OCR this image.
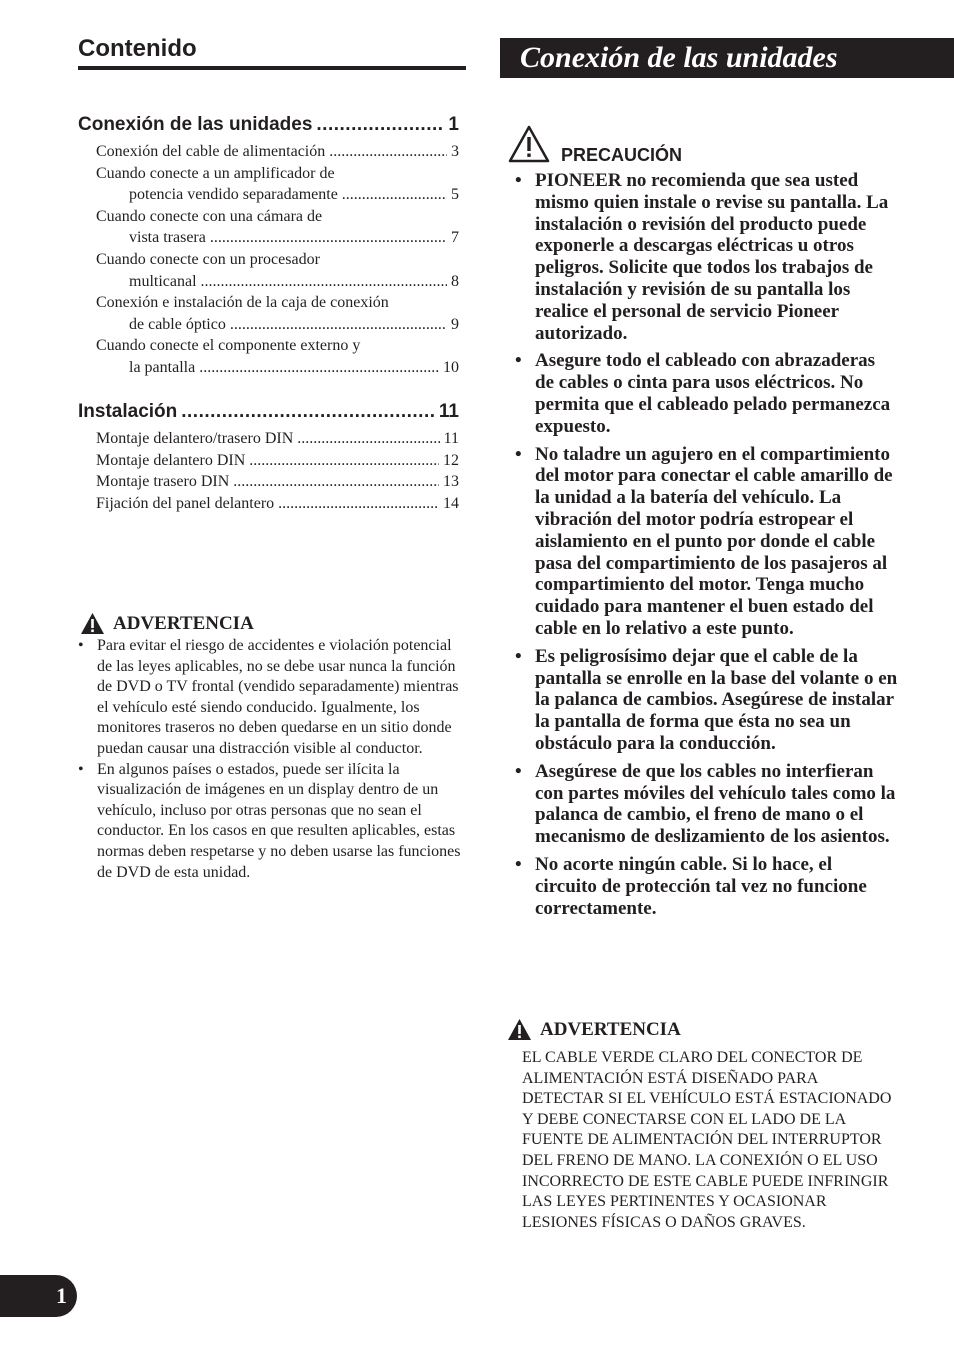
Contenido
Conexión de las unidades .....	1
Conexión del cable de alimentación .....	3
Cuando conecte a un amplificador de
potencia vendido separadamente .....	5
Cuando conecte con una cámara de
vista trasera .....	7
Cuando conecte con un procesador
multicanal .....	8
Conexión e instalación de la caja de conexión
de cable óptico .....	9
Cuando conecte el componente externo y
la pantalla .....	10
Instalación .....	11
Montaje delantero/trasero DIN .....	11
Montaje delantero DIN .....	12
Montaje trasero DIN .....	13
Fijación del panel delantero .....	14
ADVERTENCIA
• Para evitar el riesgo de accidentes e violación potencial de las leyes aplicables, no se debe usar nunca la función de DVD o TV frontal (vendido separadamente) mientras el vehículo esté siendo conducido. Igualmente, los monitores traseros no deben quedarse en un sitio donde puedan causar una distracción visible al conductor.
• En algunos países o estados, puede ser ilícita la visualización de imágenes en un display dentro de un vehículo, incluso por otras personas que no sean el conductor. En los casos en que resulten aplicables, estas normas deben respetarse y no deben usarse las funciones de DVD de esta unidad.
Conexión de las unidades
PRECAUCIÓN
• PIONEER no recomienda que sea usted mismo quien instale o revise su pantalla. La instalación o revisión del producto puede exponerle a descargas eléctricas u otros peligros. Solicite que todos los trabajos de instalación y revisión de su pantalla los realice el personal de servicio Pioneer autorizado.
• Asegure todo el cableado con abrazaderas de cables o cinta para usos eléctricos. No permita que el cableado pelado permanezca expuesto.
• No taladre un agujero en el compartimiento del motor para conectar el cable amarillo de la unidad a la batería del vehículo. La vibración del motor podría estropear el aislamiento en el punto por donde el cable pasa del compartimiento de los pasajeros al compartimiento del motor. Tenga mucho cuidado para mantener el buen estado del cable en lo relativo a este punto.
• Es peligrosísimo dejar que el cable de la pantalla se enrolle en la base del volante o en la palanca de cambios. Asegúrese de instalar la pantalla de forma que ésta no sea un obstáculo para la conducción.
• Asegúrese de que los cables no interfieran con partes móviles del vehículo tales como la palanca de cambio, el freno de mano o el mecanismo de deslizamiento de los asientos.
• No acorte ningún cable. Si lo hace, el circuito de protección tal vez no funcione correctamente.
ADVERTENCIA
EL CABLE VERDE CLARO DEL CONECTOR DE ALIMENTACIÓN ESTÁ DISEÑADO PARA DETECTAR SI EL VEHÍCULO ESTÁ ESTACIONADO Y DEBE CONECTARSE CON EL LADO DE LA FUENTE DE ALIMENTACIÓN DEL INTERRUPTOR DEL FRENO DE MANO. LA CONEXIÓN O EL USO INCORRECTO DE ESTE CABLE PUEDE INFRINGIR LAS LEYES PERTINENTES Y OCASIONAR LESIONES FÍSICAS O DAÑOS GRAVES.
1
